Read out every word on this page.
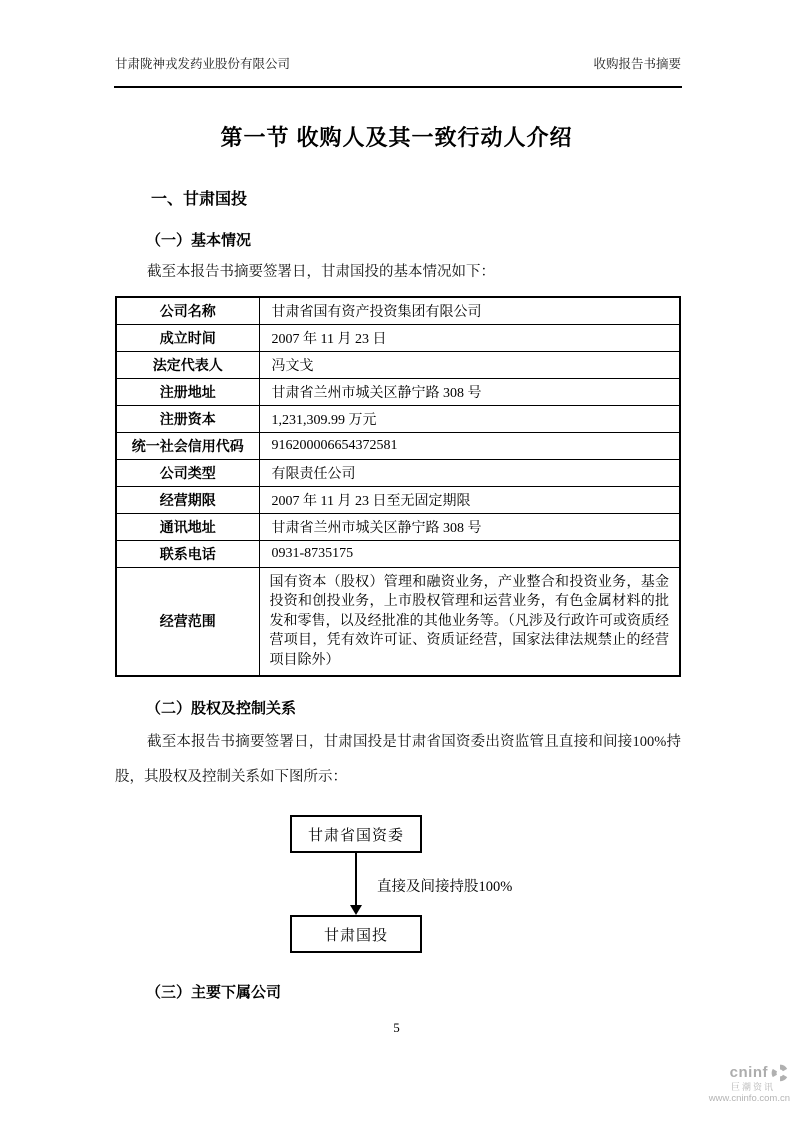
甘肃陇神戎发药业股份有限公司	收购报告书摘要
第一节 收购人及其一致行动人介绍
一、甘肃国投
（一）基本情况
截至本报告书摘要签署日，甘肃国投的基本情况如下：
公司名称	甘肃省国有资产投资集团有限公司
成立时间	2007 年 11 月 23 日
法定代表人	冯文戈
注册地址	甘肃省兰州市城关区静宁路 308 号
注册资本	1,231,309.99 万元
统一社会信用代码	916200006654372581
公司类型	有限责任公司
经营期限	2007 年 11 月 23 日至无固定期限
通讯地址	甘肃省兰州市城关区静宁路 308 号
联系电话	0931-8735175
经营范围	国有资本（股权）管理和融资业务，产业整合和投资业务，基金投资和创投业务，上市股权管理和运营业务，有色金属材料的批发和零售，以及经批准的其他业务等。（凡涉及行政许可或资质经营项目，凭有效许可证、资质证经营，国家法律法规禁止的经营项目除外）
（二）股权及控制关系
截至本报告书摘要签署日，甘肃国投是甘肃省国资委出资监管且直接和间接100%持股，其股权及控制关系如下图所示：
甘肃省国资委
直接及间接持股100%
甘肃国投
（三）主要下属公司
5
cninf
巨潮资讯
www.cninfo.com.cn
